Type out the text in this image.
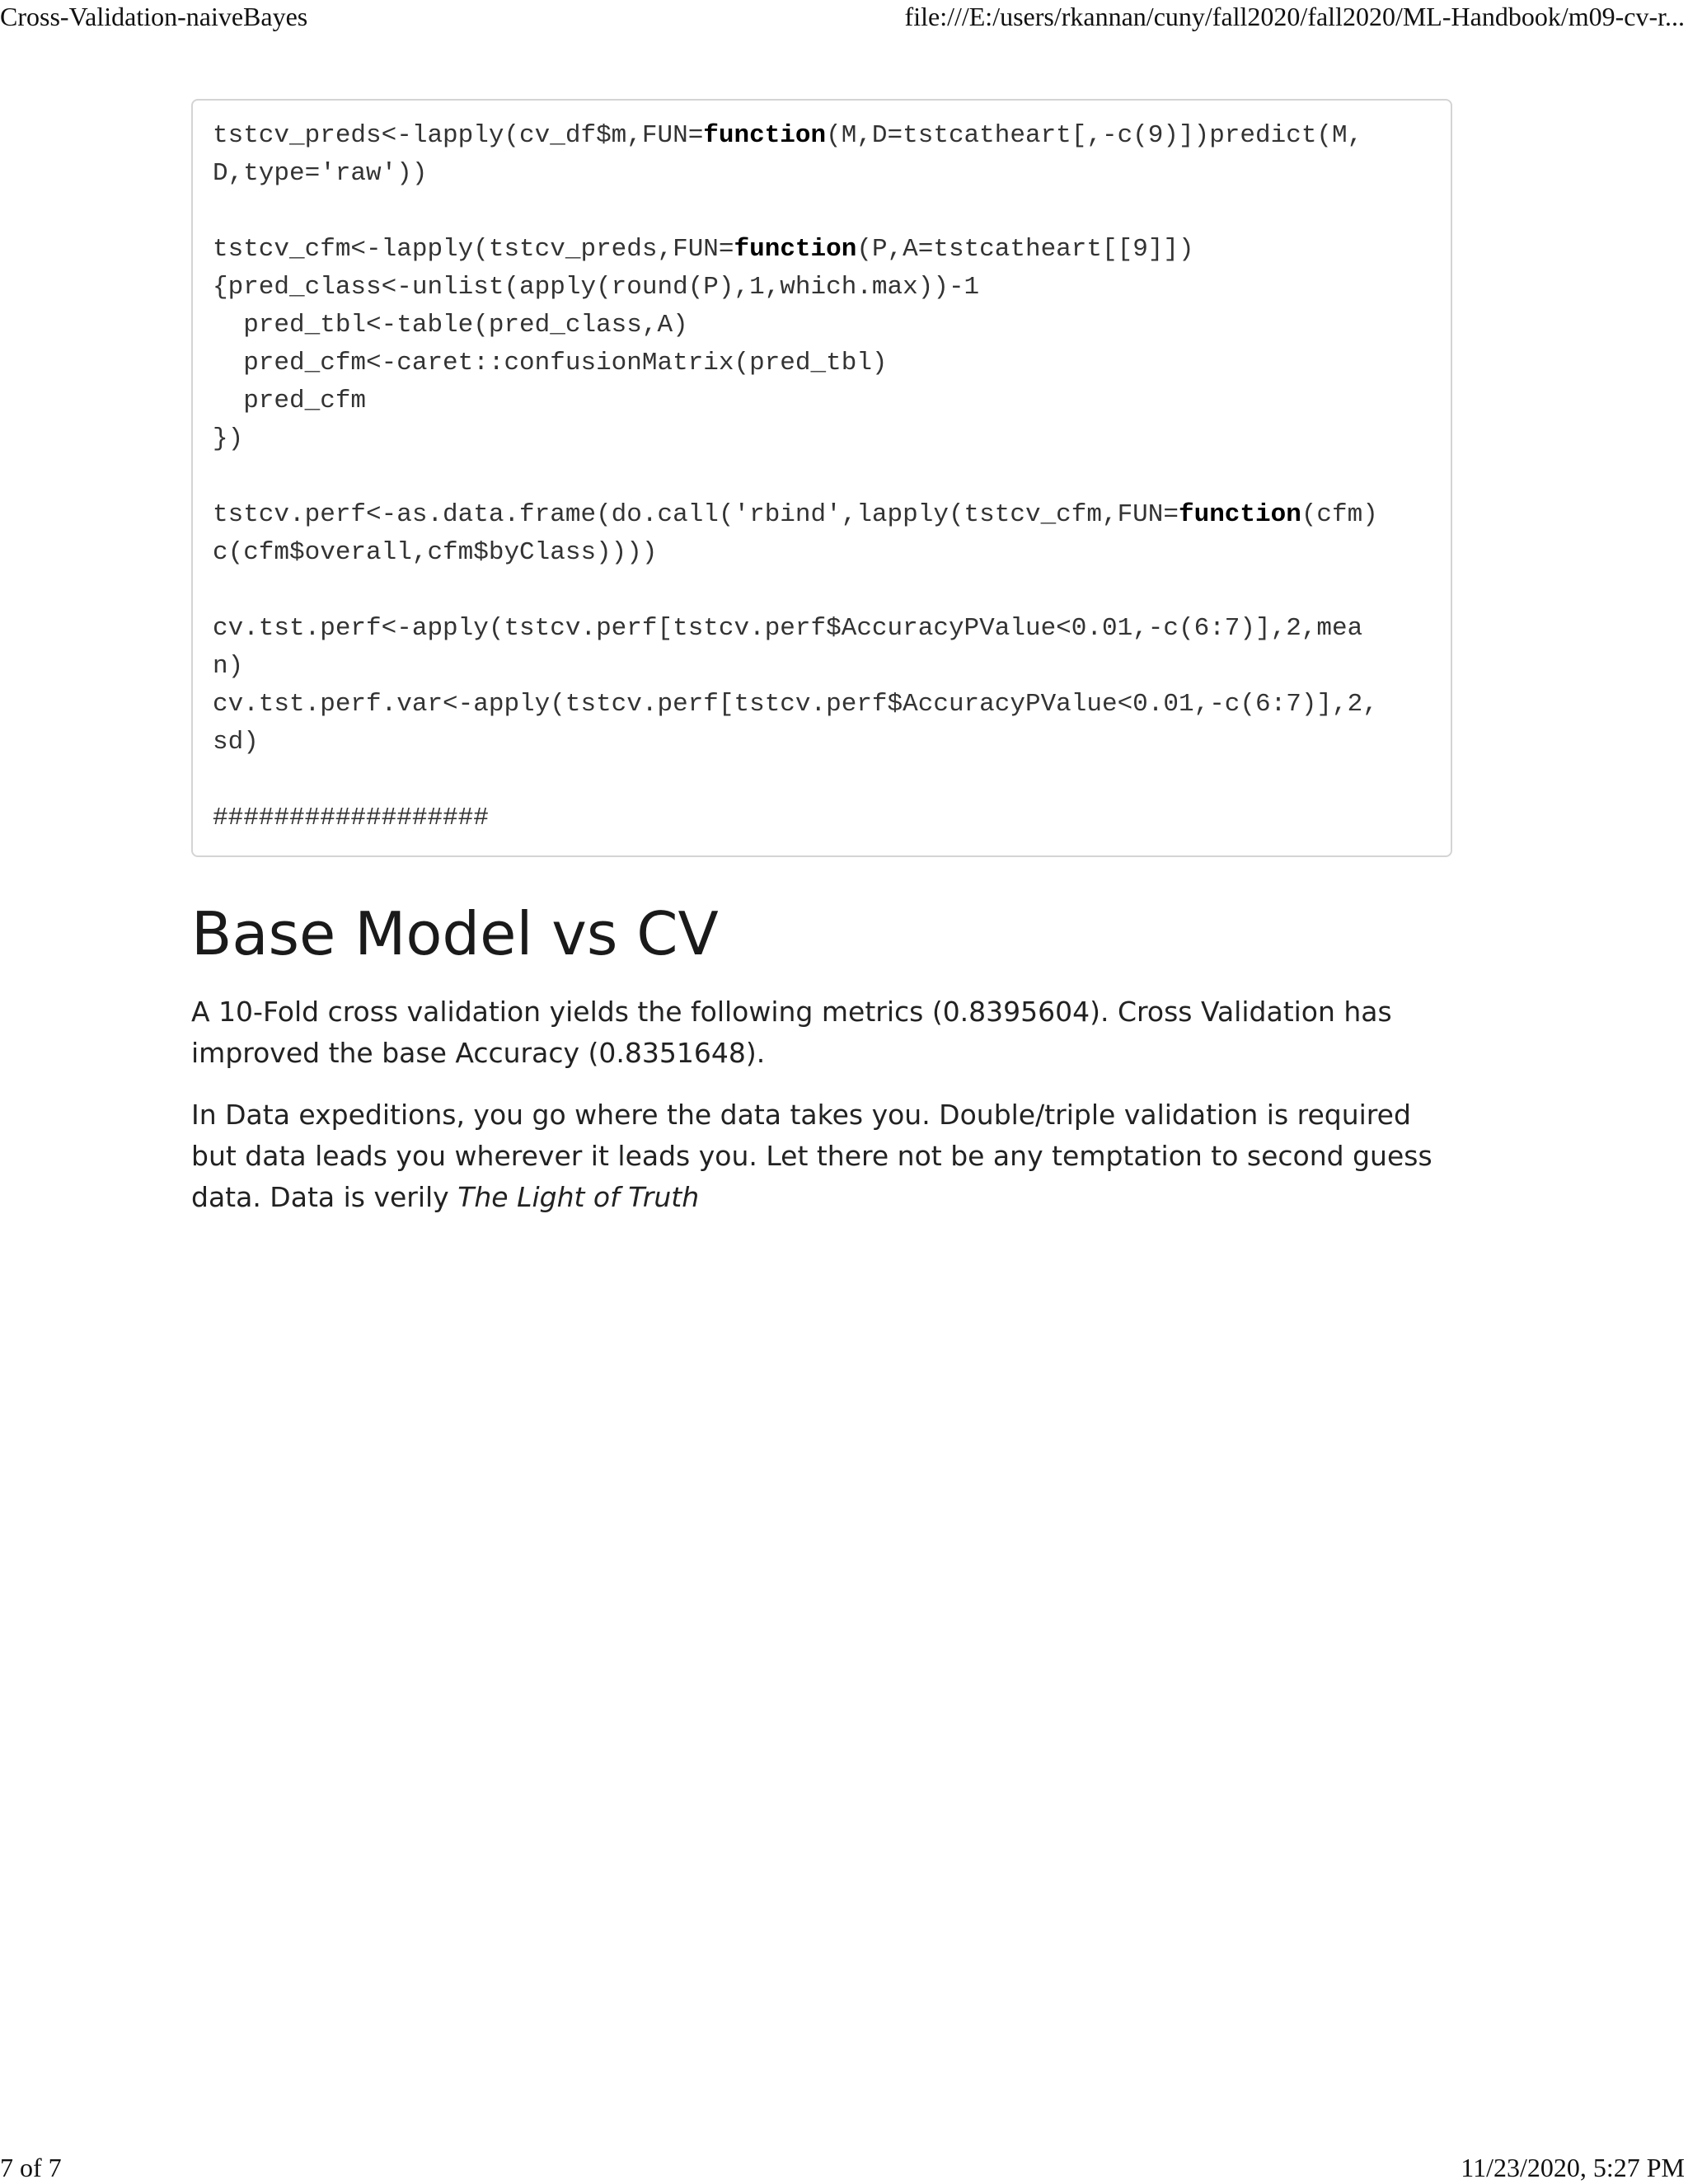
Cross-Validation-naiveBayes	file:///E:/users/rkannan/cuny/fall2020/fall2020/ML-Handbook/m09-cv-r...
tstcv_preds<-lapply(cv_df$m,FUN=function(M,D=tstcatheart[,-c(9)])predict(M,
D,type='raw'))
tstcv_cfm<-lapply(tstcv_preds,FUN=function(P,A=tstcatheart[[9]])
{pred_class<-unlist(apply(round(P),1,which.max))-1
pred_tbl<-table(pred_class,A)
pred_cfm<-caret::confusionMatrix(pred_tbl)
pred_cfm
})
tstcv.perf<-as.data.frame(do.call('rbind',lapply(tstcv_cfm,FUN=function(cfm)
c(cfm$overall,cfm$byClass))))
cv.tst.perf<-apply(tstcv.perf[tstcv.perf$AccuracyPValue<0.01,-c(6:7)],2,mea
n)
cv.tst.perf.var<-apply(tstcv.perf[tstcv.perf$AccuracyPValue<0.01,-c(6:7)],2,
sd)
##################
Base Model vs CV

A 10-Fold cross validation yields the following metrics (0.8395604). Cross Validation has improved the base Accuracy (0.8351648).

In Data expeditions, you go where the data takes you. Double/triple validation is required but data leads you wherever it leads you. Let there not be any temptation to second guess data. Data is verily The Light of Truth

7 of 7	11/23/2020, 5:27 PM
